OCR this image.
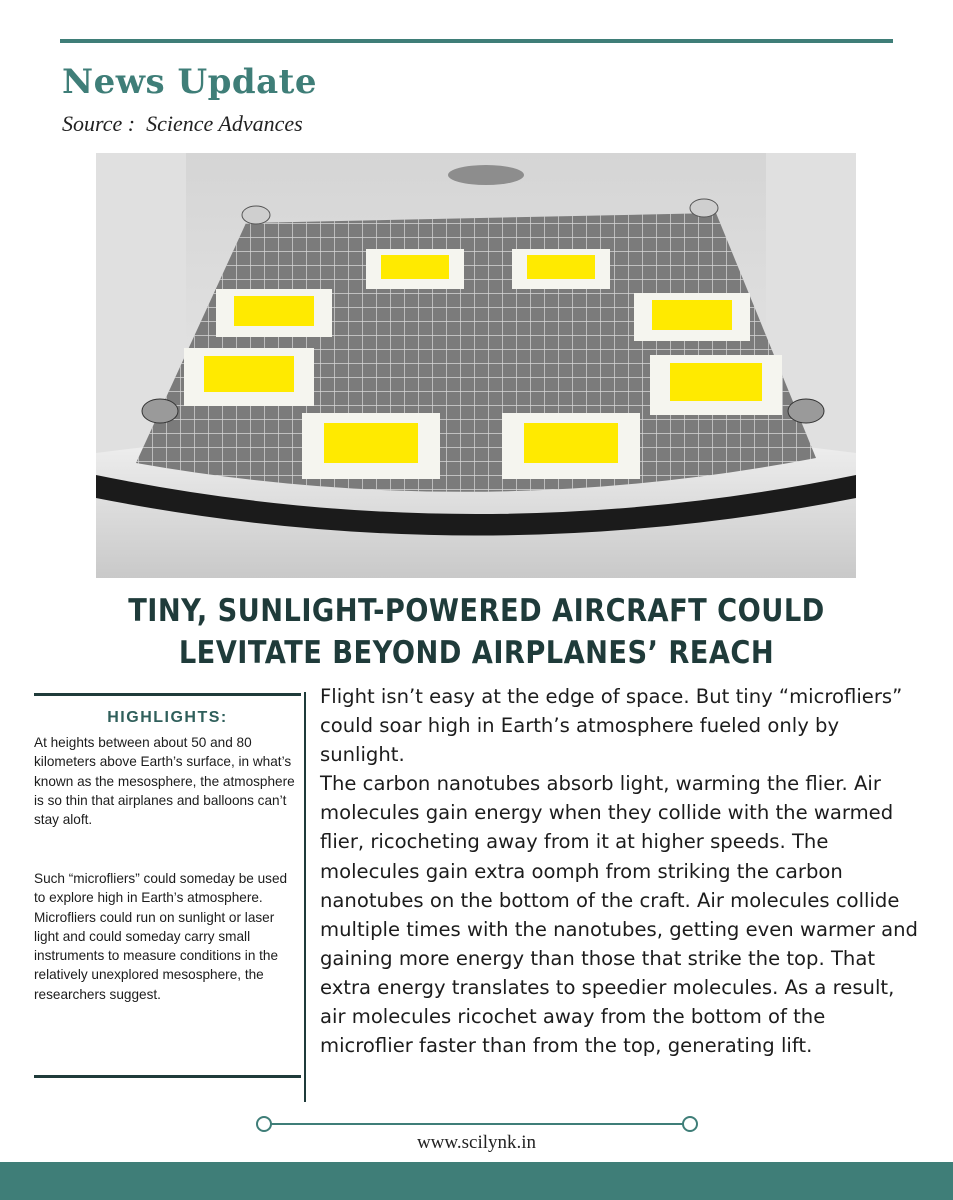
News Update
Source :  Science Advances
TINY, SUNLIGHT-POWERED AIRCRAFT COULD LEVITATE BEYOND AIRPLANES’ REACH
HIGHLIGHTS:
At heights between about 50 and 80 kilometers above Earth’s surface, in what’s known as the mesosphere, the atmosphere is so thin that airplanes and balloons can’t stay aloft.
Such “microfliers” could someday be used to explore high in Earth’s atmosphere. Microfliers could run on sunlight or laser light and could someday carry small instruments to measure conditions in the relatively unexplored mesosphere, the researchers suggest.

Flight isn’t easy at the edge of space. But tiny “microfliers” could soar high in Earth’s atmosphere fueled only by sunlight.

The carbon nanotubes absorb light, warming the flier. Air molecules gain energy when they collide with the warmed flier, ricocheting away from it at higher speeds. The molecules gain extra oomph from striking the carbon nanotubes on the bottom of the craft. Air molecules collide multiple times with the nanotubes, getting even warmer and gaining more energy than those that strike the top. That extra energy translates to speedier molecules. As a result, air molecules ricochet away from the bottom of the microflier faster than from the top, generating lift.

www.scilynk.in
